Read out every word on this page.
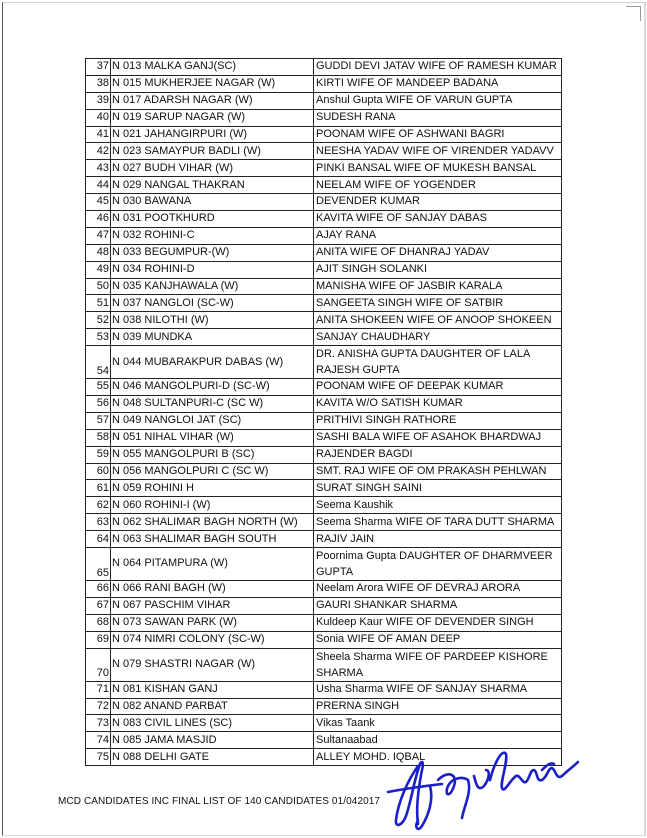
37	N 013 MALKA GANJ(SC)	GUDDI DEVI JATAV WIFE OF RAMESH KUMAR
38	N 015 MUKHERJEE NAGAR (W)	KIRTI WIFE OF MANDEEP BADANA
39	N 017 ADARSH NAGAR (W)	Anshul Gupta WIFE OF VARUN GUPTA
40	N 019 SARUP NAGAR (W)	SUDESH RANA
41	N 021 JAHANGIRPURI (W)	POONAM WIFE OF ASHWANI BAGRI
42	N 023 SAMAYPUR BADLI (W)	NEESHA YADAV WIFE OF VIRENDER YADAVV
43	N 027 BUDH VIHAR (W)	PINKI BANSAL WIFE OF MUKESH BANSAL
44	N 029 NANGAL THAKRAN	NEELAM WIFE OF YOGENDER
45	N 030 BAWANA	DEVENDER KUMAR
46	N 031 POOTKHURD	KAVITA WIFE OF SANJAY DABAS
47	N 032 ROHINI-C	AJAY RANA
48	N 033 BEGUMPUR-(W)	ANITA WIFE OF DHANRAJ YADAV
49	N 034 ROHINI-D	AJIT SINGH SOLANKI
50	N 035 KANJHAWALA (W)	MANISHA WIFE OF JASBIR KARALA
51	N 037 NANGLOI (SC-W)	SANGEETA SINGH WIFE OF SATBIR
52	N 038 NILOTHI (W)	ANITA SHOKEEN WIFE OF ANOOP SHOKEEN
53	N 039 MUNDKA	SANJAY CHAUDHARY
54	N 044 MUBARAKPUR DABAS (W)	DR. ANISHA GUPTA DAUGHTER OF LALA RAJESH GUPTA
55	N 046 MANGOLPURI-D (SC-W)	POONAM WIFE OF DEEPAK KUMAR
56	N 048 SULTANPURI-C (SC W)	KAVITA W/O SATISH KUMAR
57	N 049 NANGLOI JAT (SC)	PRITHIVI SINGH RATHORE
58	N 051 NIHAL VIHAR (W)	SASHI BALA WIFE OF ASAHOK BHARDWAJ
59	N 055 MANGOLPURI B (SC)	RAJENDER BAGDI
60	N 056 MANGOLPURI C (SC W)	SMT. RAJ WIFE OF OM PRAKASH PEHLWAN
61	N 059 ROHINI H	SURAT SINGH SAINI
62	N 060 ROHINI-I (W)	Seema Kaushik
63	N 062 SHALIMAR BAGH NORTH (W)	Seema Sharma WIFE OF TARA DUTT SHARMA
64	N 063 SHALIMAR BAGH SOUTH	RAJIV JAIN
65	N 064 PITAMPURA (W)	Poornima Gupta DAUGHTER OF DHARMVEER GUPTA
66	N 066 RANI BAGH (W)	Neelam Arora WIFE OF DEVRAJ ARORA
67	N 067 PASCHIM VIHAR	GAURI SHANKAR SHARMA
68	N 073 SAWAN PARK (W)	Kuldeep Kaur WIFE OF DEVENDER SINGH
69	N 074 NIMRI COLONY (SC-W)	Sonia WIFE OF AMAN DEEP
70	N 079 SHASTRI NAGAR (W)	Sheela Sharma WIFE OF PARDEEP KISHORE SHARMA
71	N 081 KISHAN GANJ	Usha Sharma WIFE OF SANJAY SHARMA
72	N 082 ANAND PARBAT	PRERNA SINGH
73	N 083 CIVIL LINES (SC)	Vikas Taank
74	N 085 JAMA MASJID	Sultanaabad
75	N 088 DELHI GATE	ALLEY MOHD. IQBAL
MCD CANDIDATES INC FINAL LIST OF 140 CANDIDATES 01/042017
